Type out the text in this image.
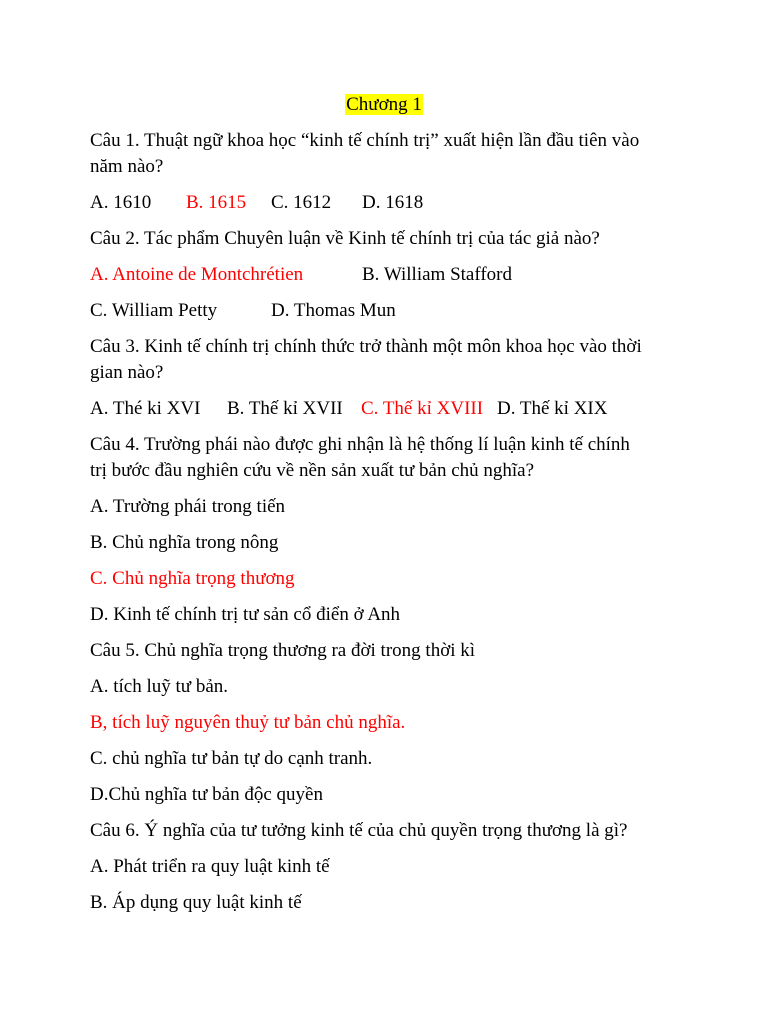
Chương 1
Câu 1. Thuật ngữ khoa học “kinh tế chính trị” xuất hiện lần đầu tiên vào
năm nào?
A. 1610 B. 1615 C. 1612 D. 1618
Câu 2. Tác phẩm Chuyên luận về Kinh tế chính trị của tác giả nào?
A. Antoine de Montchrétien	B. William Stafford
C. William Petty	D. Thomas Mun
Câu 3. Kinh tế chính trị chính thức trở thành một môn khoa học vào thời
gian nào?
A. Thé ki XVI B. Thế kỉ XVII C. Thế kỉ XVIII D. Thế kỉ XIX
Câu 4. Trường phái nào được ghi nhận là hệ thống lí luận kinh tế chính
trị bước đầu nghiên cứu về nền sản xuất tư bản chủ nghĩa?
A. Trường phái trong tiến
B. Chủ nghĩa trong nông
C. Chủ nghĩa trọng thương
D. Kinh tế chính trị tư sản cổ điển ở Anh
Câu 5. Chủ nghĩa trọng thương ra đời trong thời kì
A. tích luỹ tư bản.
B, tích luỹ nguyên thuỷ tư bản chủ nghĩa.
C. chủ nghĩa tư bản tự do cạnh tranh.
D.Chủ nghĩa tư bản độc quyền
Câu 6. Ý nghĩa của tư tưởng kinh tế của chủ quyền trọng thương là gì?
A. Phát triển ra quy luật kinh tế
B. Áp dụng quy luật kinh tế
